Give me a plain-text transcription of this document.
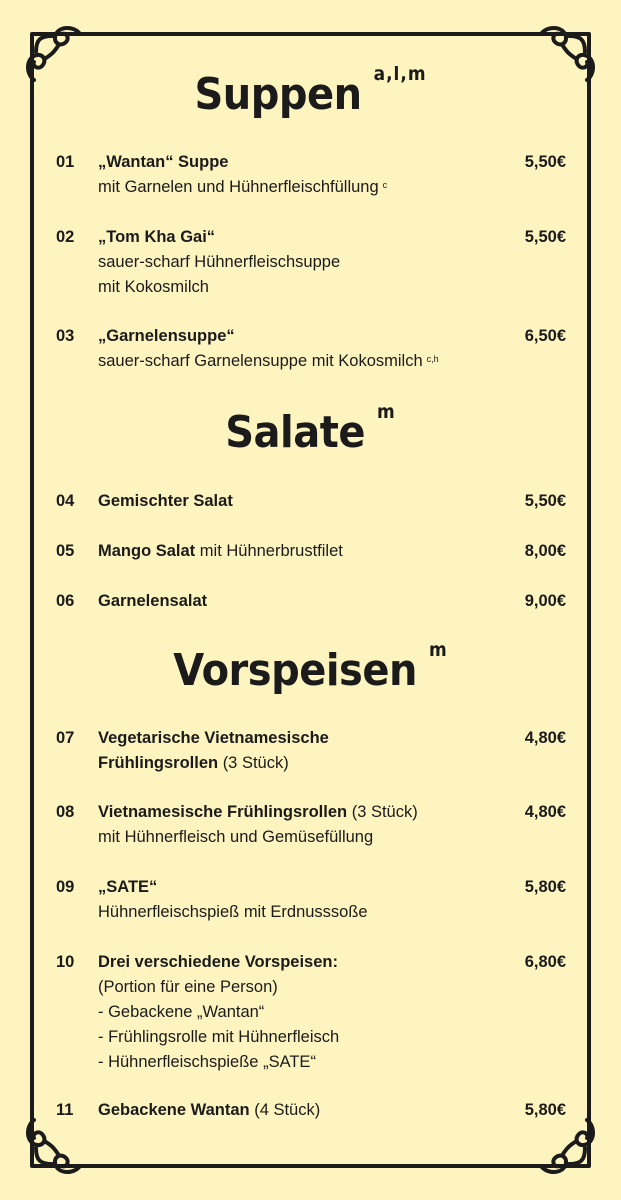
Suppen $^{a,l,m}$
01 „Wantan“ Suppe
mit Garnelen und Hühnerfleischfüllung $^c$
5,50€
02 „Tom Kha Gai“
sauer-scharf Hühnerfleischsuppe
mit Kokosmilch
5,50€
03 „Garnelensuppe“
sauer-scharf Garnelensuppe mit Kokosmilch $^{c,h}$
6,50€
Salate $^m$
04 Gemischter Salat	5,50€
05 Mango Salat mit Hühnerbrustfilet	8,00€
06 Garnelensalat	9,00€
Vorspeisen $^m$
07 Vegetarische Vietnamesische
Frühlingsrollen (3 Stück)
4,80€
08 Vietnamesische Frühlingsrollen (3 Stück)
mit Hühnerfleisch und Gemüsefüllung
4,80€
09 „SATE“
Hühnerfleischspieß mit Erdnusssoße
5,80€
10 Drei verschiedene Vorspeisen:
(Portion für eine Person)
- Gebackene „Wantan“
- Frühlingsrolle mit Hühnerfleisch
- Hühnerfleischspieße „SATE“
6,80€
11 Gebackene Wantan (4 Stück)	5,80€
